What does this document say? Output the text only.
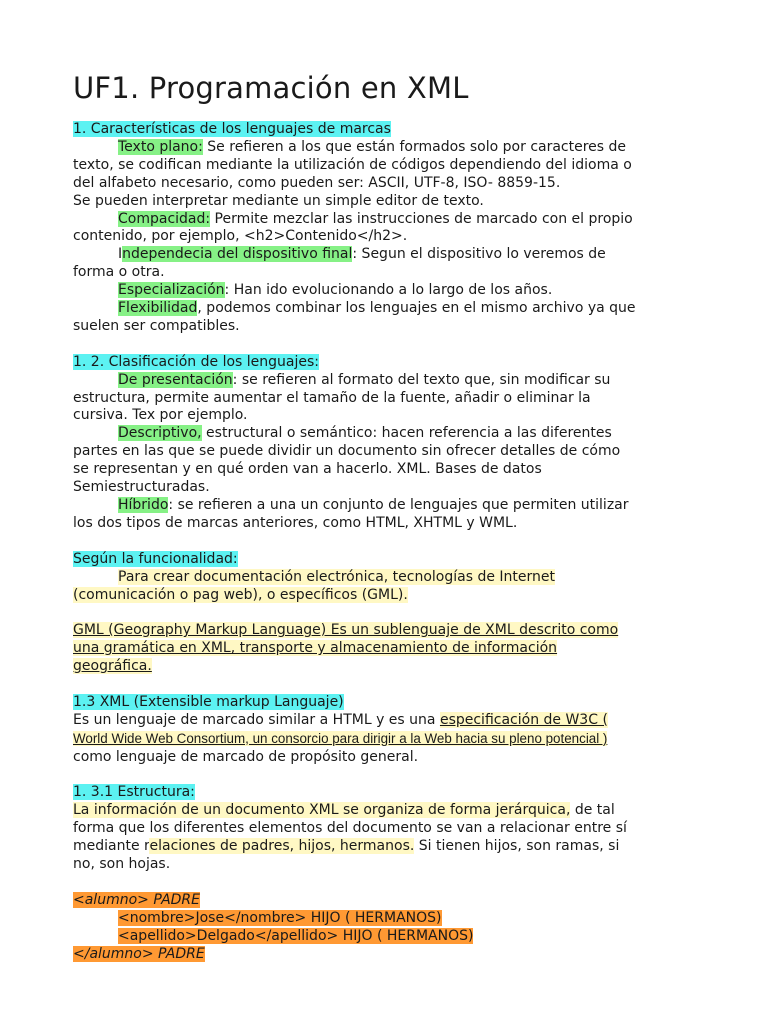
UF1. Programación en XML

1. Características de los lenguajes de marcas

Texto plano: Se refieren a los que están formados solo por caracteres de

texto, se codifican mediante la utilización de códigos dependiendo del idioma o

del alfabeto necesario, como pueden ser: ASCII, UTF-8, ISO- 8859-15.

Se pueden interpretar mediante un simple editor de texto.

Compacidad: Permite mezclar las instrucciones de marcado con el propio

contenido, por ejemplo, <h2>Contenido</h2>.

Independecia del dispositivo final: Segun el dispositivo lo veremos de

forma o otra.

Especialización: Han ido evolucionando a lo largo de los años.

Flexibilidad, podemos combinar los lenguajes en el mismo archivo ya que

suelen ser compatibles.

1. 2. Clasificación de los lenguajes:

De presentación: se refieren al formato del texto que, sin modificar su

estructura, permite aumentar el tamaño de la fuente, añadir o eliminar la

cursiva. Tex por ejemplo.

Descriptivo, estructural o semántico: hacen referencia a las diferentes

partes en las que se puede dividir un documento sin ofrecer detalles de cómo

se representan y en qué orden van a hacerlo. XML. Bases de datos

Semiestructuradas.

Híbrido: se refieren a una un conjunto de lenguajes que permiten utilizar

los dos tipos de marcas anteriores, como HTML, XHTML y WML.

Según la funcionalidad:

Para crear documentación electrónica, tecnologías de Internet

(comunicación o pag web), o específicos (GML).

GML (Geography Markup Language) Es un sublenguaje de XML descrito como

una gramática en XML, transporte y almacenamiento de información

geográfica.

1.3 XML (Extensible markup Languaje)

Es un lenguaje de marcado similar a HTML y es una especificación de W3C (

World Wide Web Consortium, un consorcio para dirigir a la Web hacia su pleno potencial )

como lenguaje de marcado de propósito general.

1. 3.1 Estructura:

La información de un documento XML se organiza de forma jerárquica, de tal

forma que los diferentes elementos del documento se van a relacionar entre sí

mediante relaciones de padres, hijos, hermanos. Si tienen hijos, son ramas, si

no, son hojas.

<alumno> PADRE

<nombre>Jose</nombre> HIJO ( HERMANOS)

<apellido>Delgado</apellido> HIJO ( HERMANOS)

</alumno> PADRE
